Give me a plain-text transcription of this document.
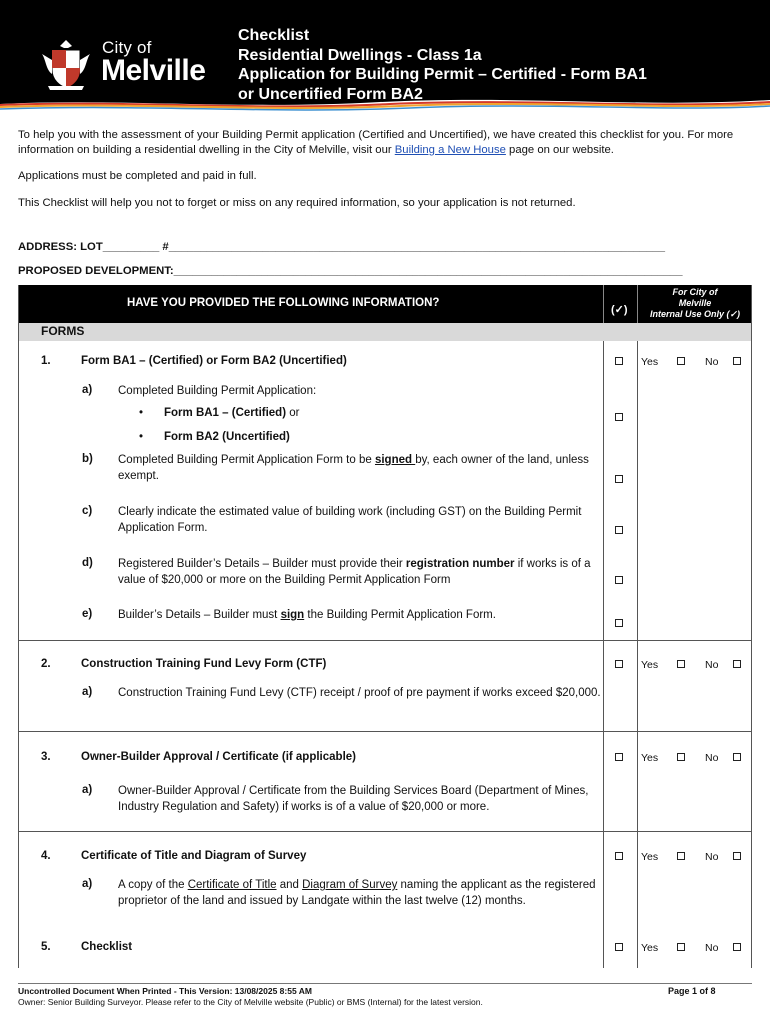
City of
Melville
Checklist
Residential Dwellings - Class 1a
Application for Building Permit – Certified - Form BA1
or Uncertified Form BA2

To help you with the assessment of your Building Permit application (Certified and Uncertified), we have created this checklist for you. For more information on building a residential dwelling in the City of Melville, visit our Building a New House page on our website.

Applications must be completed and paid in full.

This Checklist will help you not to forget or miss on any required information, so your application is not returned.

ADDRESS: LOT_________ #_______________________________________________________________________________
PROPOSED DEVELOPMENT:_________________________________________________________________________________
HAVE YOU PROVIDED THE FOLLOWING INFORMATION?
(✓)
For City of
Melville
Internal Use Only (✓)
FORMS
1.	Form BA1 – (Certified) or Form BA2 (Uncertified)	Yes	No
a) Completed Building Permit Application:
• Form BA1 – (Certified) or
• Form BA2 (Uncertified)
b) Completed Building Permit Application Form to be signed by, each owner of the land, unless exempt.
c) Clearly indicate the estimated value of building work (including GST) on the Building Permit Application Form.
d) Registered Builder’s Details – Builder must provide their registration number if works is of a value of $20,000 or more on the Building Permit Application Form
e) Builder’s Details – Builder must sign the Building Permit Application Form.
2.	Construction Training Fund Levy Form (CTF)	Yes	No
a) Construction Training Fund Levy (CTF) receipt / proof of pre payment if works exceed $20,000.
3.	Owner-Builder Approval / Certificate (if applicable)	Yes	No
a) Owner-Builder Approval / Certificate from the Building Services Board (Department of Mines, Industry Regulation and Safety) if works is of a value of $20,000 or more.
4.	Certificate of Title and Diagram of Survey	Yes	No
a) A copy of the Certificate of Title and Diagram of Survey naming the applicant as the registered proprietor of the land and issued by Landgate within the last twelve (12) months.
5.	Checklist	Yes	No
Uncontrolled Document When Printed - This Version: 13/08/2025 8:55 AM	Page 1 of 8
Owner: Senior Building Surveyor. Please refer to the City of Melville website (Public) or BMS (Internal) for the latest version.
